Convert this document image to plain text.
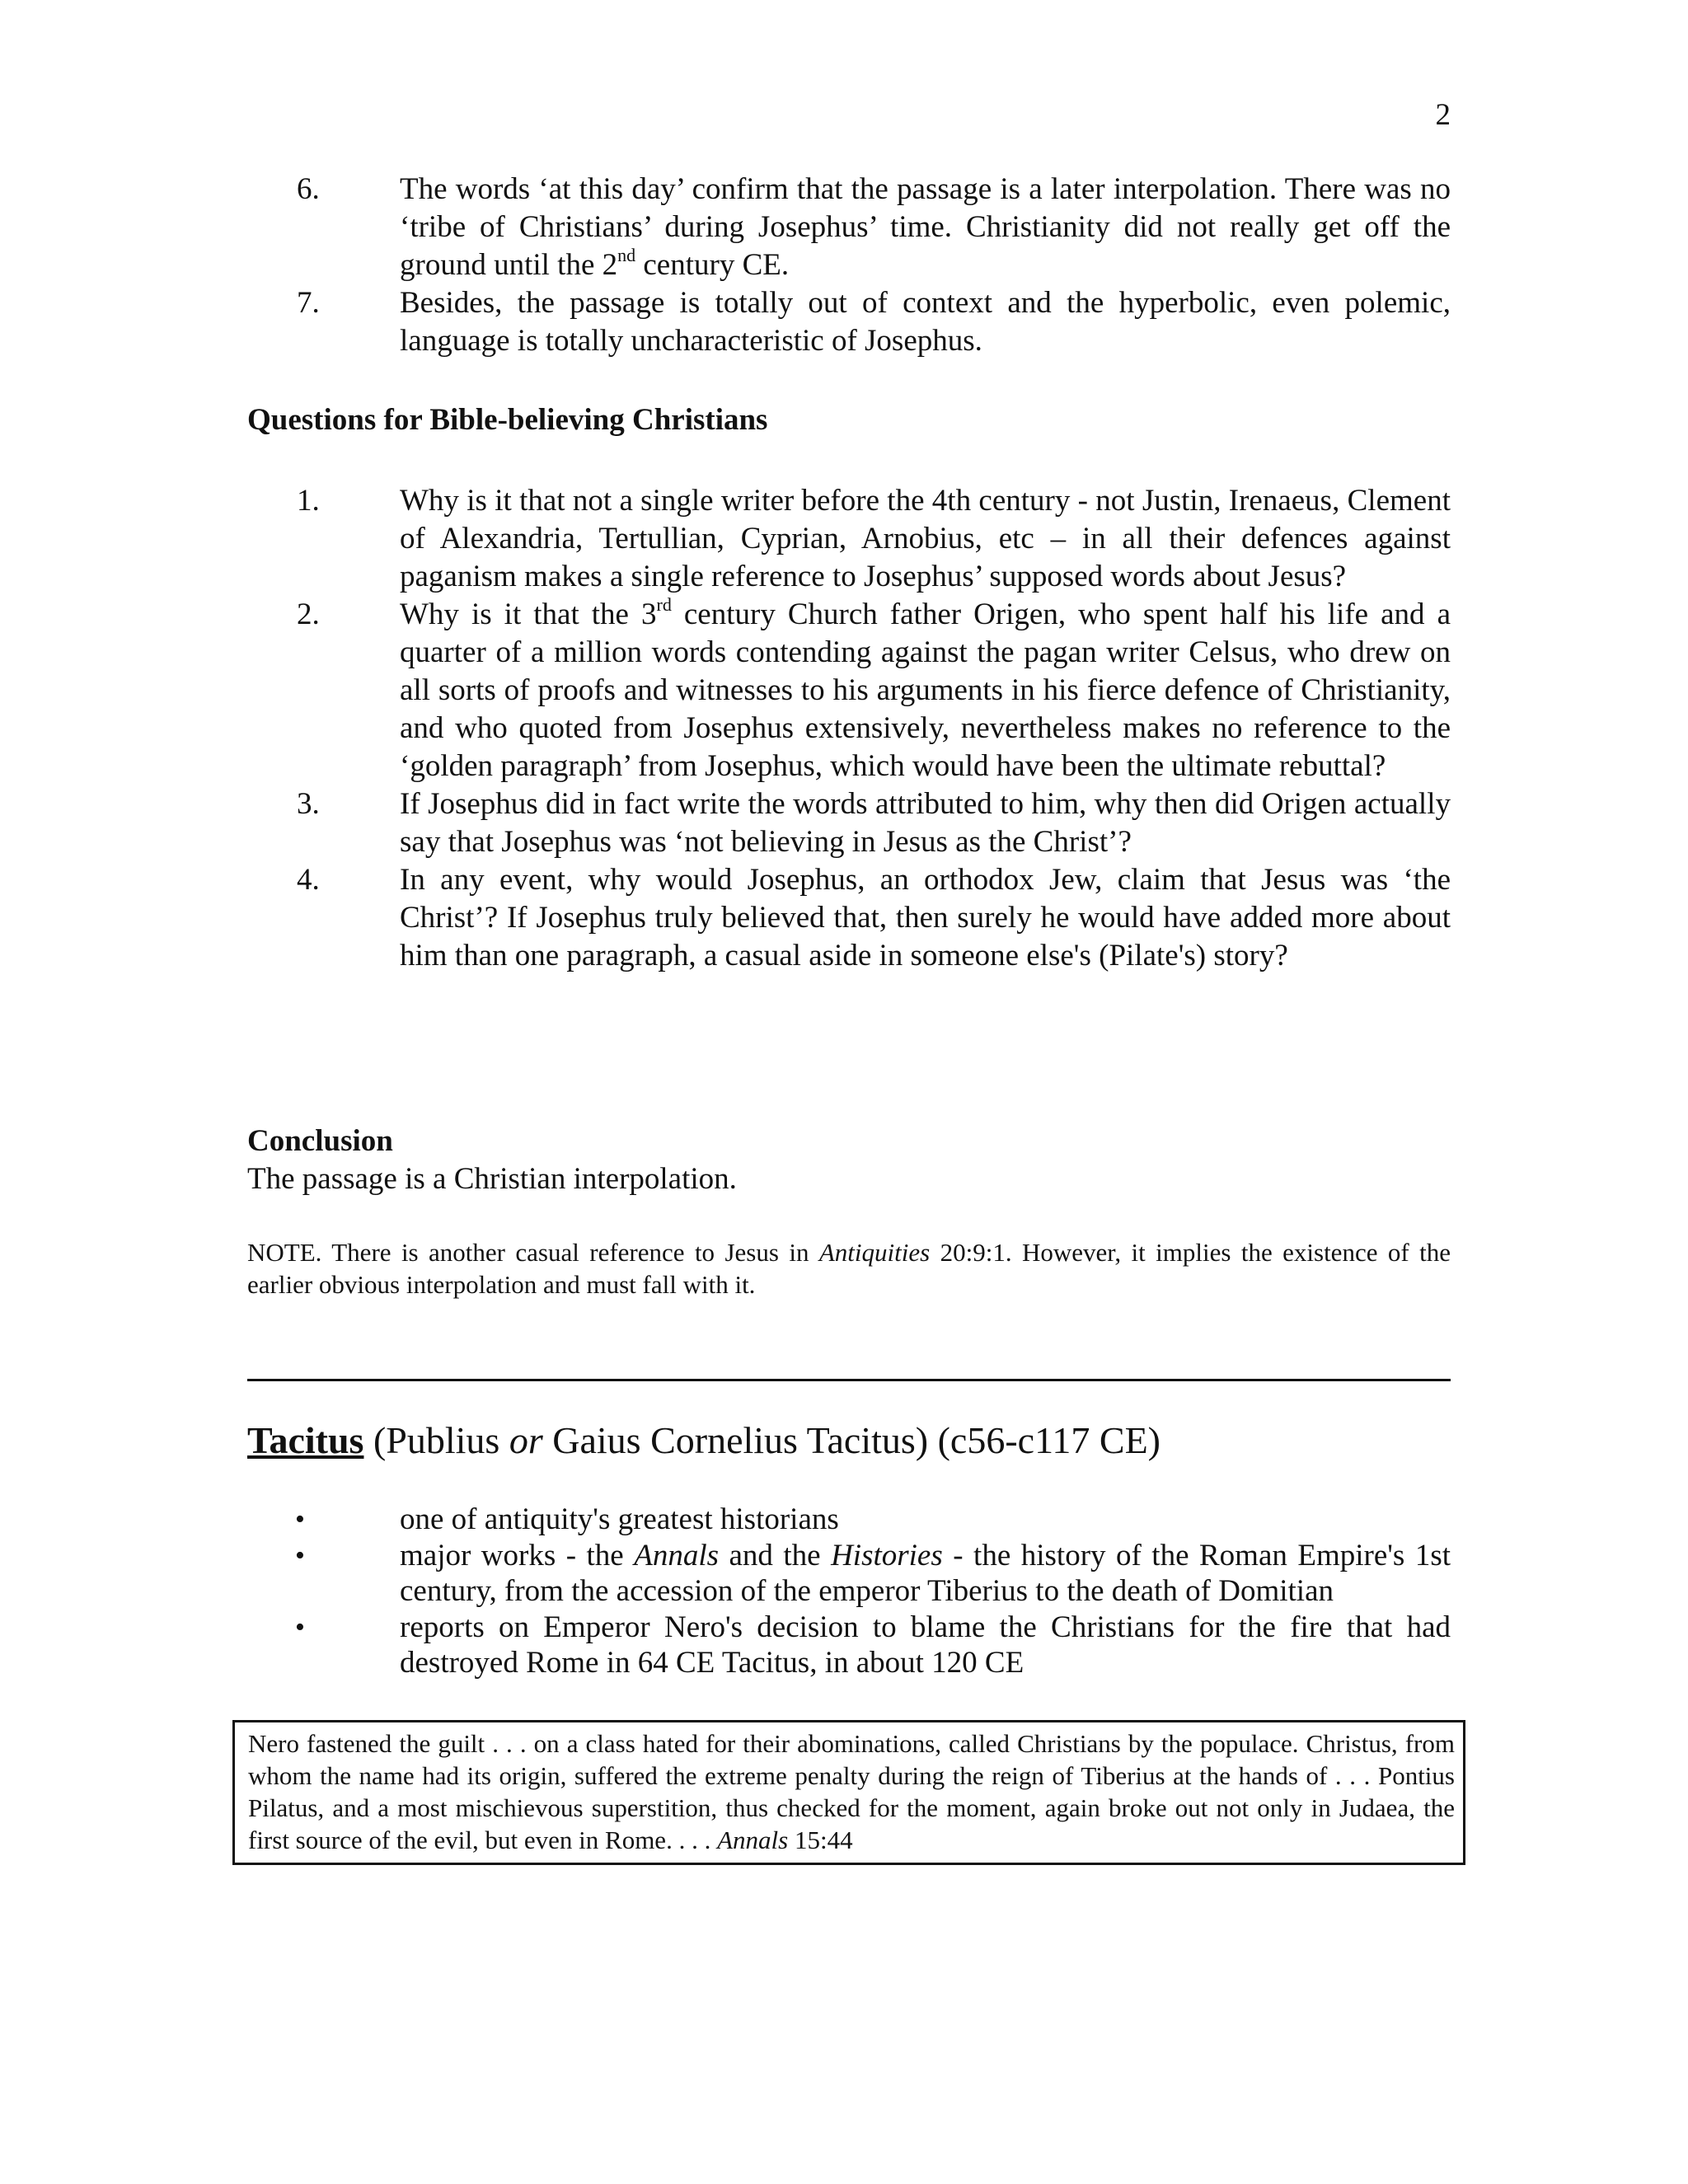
2
6.	The words ‘at this day’ confirm that the passage is a later interpolation. There was no ‘tribe of Christians’ during Josephus’ time. Christianity did not really get off the ground until the 2nd century CE.
7.	Besides, the passage is totally out of context and the hyperbolic, even polemic, language is totally uncharacteristic of Josephus.
Questions for Bible-believing Christians
1.	Why is it that not a single writer before the 4th century - not Justin, Irenaeus, Clement of Alexandria, Tertullian, Cyprian, Arnobius, etc – in all their defences against paganism makes a single reference to Josephus’ supposed words about Jesus?
2.	Why is it that the 3rd century Church father Origen, who spent half his life and a quarter of a million words contending against the pagan writer Celsus, who drew on all sorts of proofs and witnesses to his arguments in his fierce defence of Christianity, and who quoted from Josephus extensively, nevertheless makes no reference to the ‘golden paragraph’ from Josephus, which would have been the ultimate rebuttal?
3.	If Josephus did in fact write the words attributed to him, why then did Origen actually say that Josephus was ‘not believing in Jesus as the Christ’?
4.	In any event, why would Josephus, an orthodox Jew, claim that Jesus was ‘the Christ’? If Josephus truly believed that, then surely he would have added more about him than one paragraph, a casual aside in someone else's (Pilate's) story?
Conclusion
The passage is a Christian interpolation.
NOTE. There is another casual reference to Jesus in Antiquities 20:9:1. However, it implies the existence of the earlier obvious interpolation and must fall with it.
Tacitus (Publius or Gaius Cornelius Tacitus) (c56-c117 CE)
•	one of antiquity's greatest historians
•	major works - the Annals and the Histories - the history of the Roman Empire's 1st century, from the accession of the emperor Tiberius to the death of Domitian
•	reports on Emperor Nero's decision to blame the Christians for the fire that had destroyed Rome in 64 CE Tacitus, in about 120 CE
Nero fastened the guilt . . . on a class hated for their abominations, called Christians by the populace. Christus, from whom the name had its origin, suffered the extreme penalty during the reign of Tiberius at the hands of . . . Pontius Pilatus, and a most mischievous superstition, thus checked for the moment, again broke out not only in Judaea, the first source of the evil, but even in Rome. . . . Annals 15:44
